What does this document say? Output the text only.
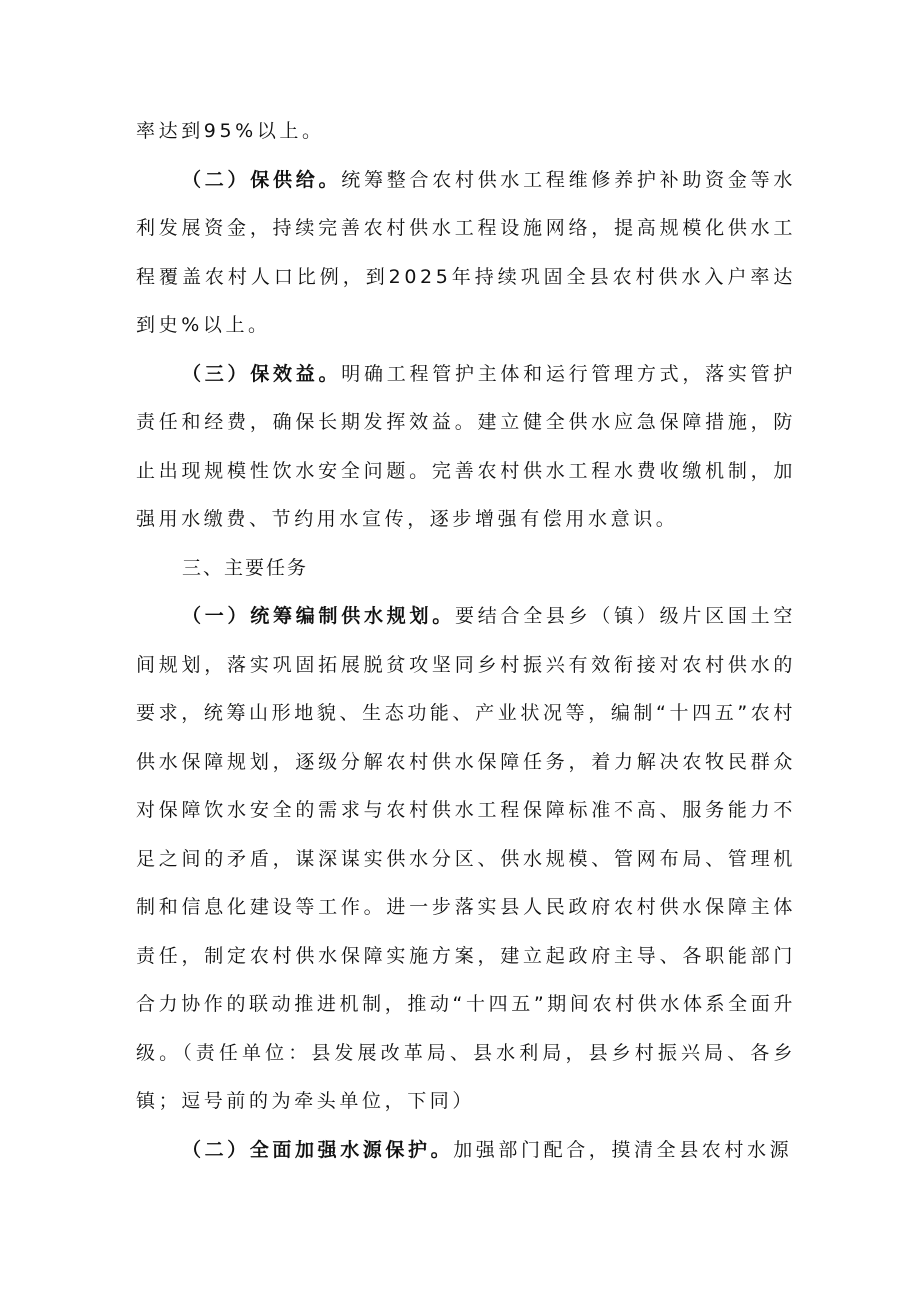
率达到95%以上。

（二）保供给。统筹整合农村供水工程维修养护补助资金等水利发展资金，持续完善农村供水工程设施网络，提高规模化供水工程覆盖农村人口比例，到2025年持续巩固全县农村供水入户率达到史%以上。

（三）保效益。明确工程管护主体和运行管理方式，落实管护责任和经费，确保长期发挥效益。建立健全供水应急保障措施，防止出现规模性饮水安全问题。完善农村供水工程水费收缴机制，加强用水缴费、节约用水宣传，逐步增强有偿用水意识。

三、主要任务

（一）统筹编制供水规划。要结合全县乡（镇）级片区国土空间规划，落实巩固拓展脱贫攻坚同乡村振兴有效衔接对农村供水的要求，统筹山形地貌、生态功能、产业状况等，编制“十四五”农村供水保障规划，逐级分解农村供水保障任务，着力解决农牧民群众对保障饮水安全的需求与农村供水工程保障标准不高、服务能力不足之间的矛盾，谋深谋实供水分区、供水规模、管网布局、管理机制和信息化建设等工作。进一步落实县人民政府农村供水保障主体责任，制定农村供水保障实施方案，建立起政府主导、各职能部门合力协作的联动推进机制，推动“十四五”期间农村供水体系全面升级。（责任单位：县发展改革局、县水利局，县乡村振兴局、各乡镇；逗号前的为牵头单位，下同）

（二）全面加强水源保护。加强部门配合，摸清全县农村水源
